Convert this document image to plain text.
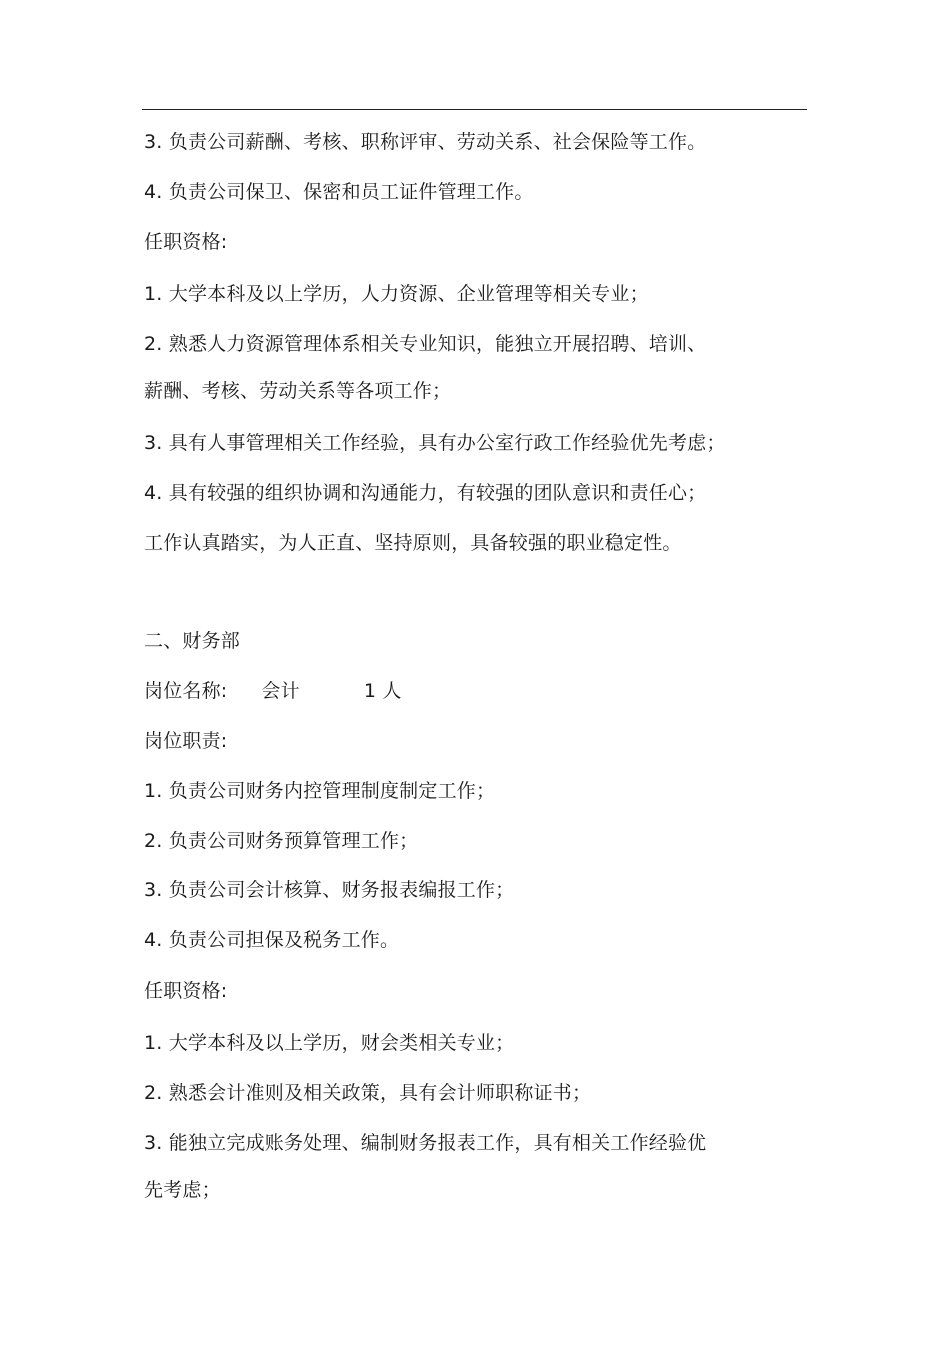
3. 负责公司薪酬、考核、职称评审、劳动关系、社会保险等工作。
4. 负责公司保卫、保密和员工证件管理工作。
任职资格:
1. 大学本科及以上学历，人力资源、企业管理等相关专业；
2. 熟悉人力资源管理体系相关专业知识，能独立开展招聘、培训、
薪酬、考核、劳动关系等各项工作；
3. 具有人事管理相关工作经验，具有办公室行政工作经验优先考虑；
4. 具有较强的组织协调和沟通能力，有较强的团队意识和责任心；
工作认真踏实，为人正直、坚持原则，具备较强的职业稳定性。
二、财务部
岗位名称: 会计	1 人
岗位职责:
1. 负责公司财务内控管理制度制定工作；
2. 负责公司财务预算管理工作；
3. 负责公司会计核算、财务报表编报工作；
4. 负责公司担保及税务工作。
任职资格:
1. 大学本科及以上学历，财会类相关专业；
2. 熟悉会计准则及相关政策，具有会计师职称证书；
3. 能独立完成账务处理、编制财务报表工作，具有相关工作经验优
先考虑；
